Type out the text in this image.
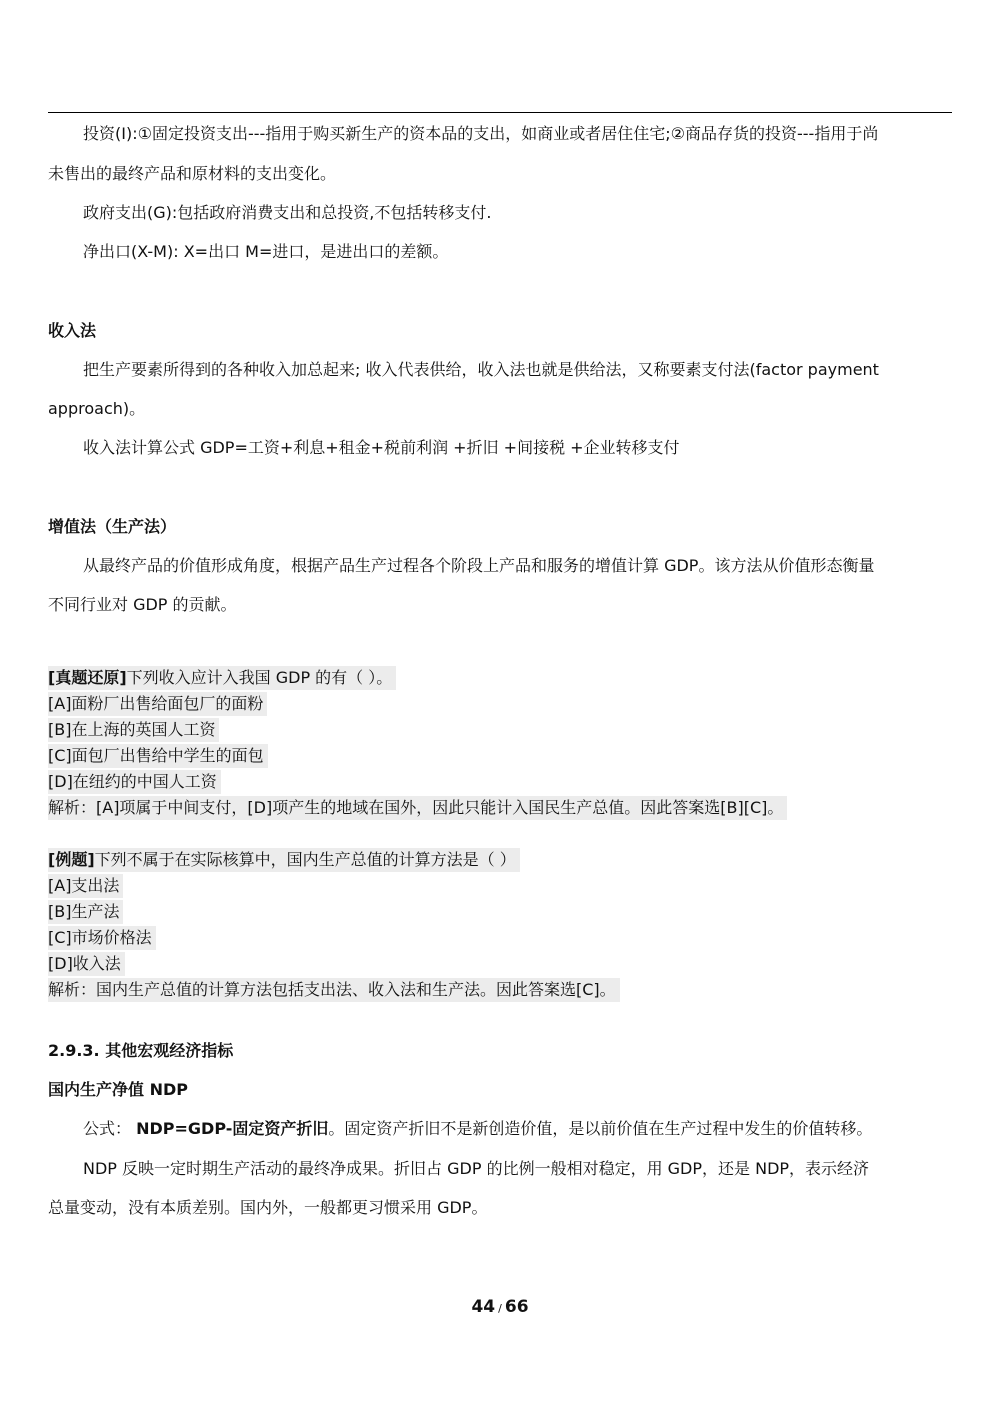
投资(I):①固定投资支出---指用于购买新生产的资本品的支出，如商业或者居住住宅;②商品存货的投资---指用于尚
未售出的最终产品和原材料的支出变化。
政府支出(G):包括政府消费支出和总投资,不包括转移支付.
净出口(X-M): X=出口 M=进口，是进出口的差额。
收入法
把生产要素所得到的各种收入加总起来; 收入代表供给，收入法也就是供给法，又称要素支付法(factor payment
approach)。
收入法计算公式 GDP=工资+利息+租金+税前利润 +折旧 +间接税 +企业转移支付
增值法（生产法）
从最终产品的价值形成角度，根据产品生产过程各个阶段上产品和服务的增值计算 GDP。该方法从价值形态衡量
不同行业对 GDP 的贡献。
[真题还原]下列收入应计入我国 GDP 的有（ ）。
[A]面粉厂出售给面包厂的面粉
[B]在上海的英国人工资
[C]面包厂出售给中学生的面包
[D]在纽约的中国人工资
解析：[A]项属于中间支付，[D]项产生的地域在国外，因此只能计入国民生产总值。因此答案选[B][C]。
[例题]下列不属于在实际核算中，国内生产总值的计算方法是（ ）
[A]支出法
[B]生产法
[C]市场价格法
[D]收入法
解析：国内生产总值的计算方法包括支出法、收入法和生产法。因此答案选[C]。
2.9.3. 其他宏观经济指标
国内生产净值 NDP
公式： NDP=GDP-固定资产折旧。固定资产折旧不是新创造价值，是以前价值在生产过程中发生的价值转移。
NDP 反映一定时期生产活动的最终净成果。折旧占 GDP 的比例一般相对稳定，用 GDP，还是 NDP，表示经济
总量变动，没有本质差别。国内外，一般都更习惯采用 GDP。
44 / 66
